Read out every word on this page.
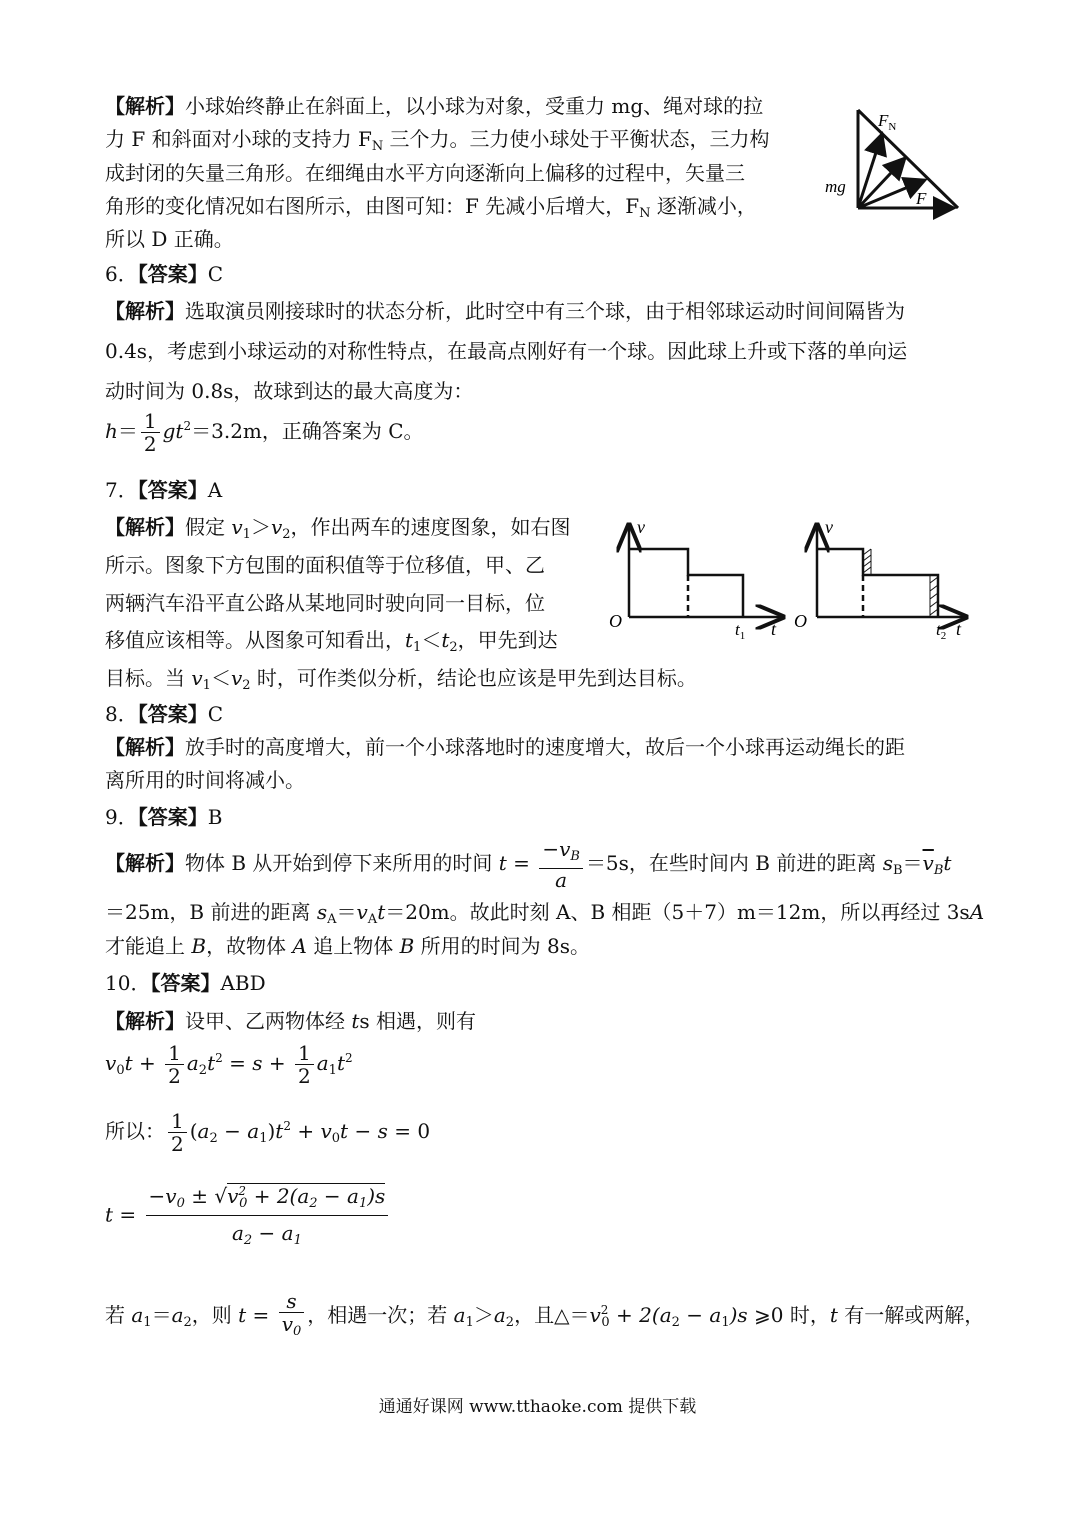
【解析】小球始终静止在斜面上，以小球为对象，受重力 mg、绳对球的拉
力 F 和斜面对小球的支持力 $F_N$ 三个力。三力使小球处于平衡状态，三力构
成封闭的矢量三角形。在细绳由水平方向逐渐向上偏移的过程中，矢量三
角形的变化情况如右图所示，由图可知：F 先减小后增大，$F_N$ 逐渐减小，
所以 D 正确。
$F_N$
mg
F
6．【答案】C
【解析】选取演员刚接球时的状态分析，此时空中有三个球，由于相邻球运动时间间隔皆为
0.4s，考虑到小球运动的对称性特点，在最高点刚好有一个球。因此球上升或下落的单向运
动时间为 0.8s，故球到达的最大高度为：
$h= \frac{1}{2} gt^2=3.2m$，正确答案为 C。
7．【答案】A
【解析】假定 $v_1>v_2$，作出两车的速度图象，如右图
所示。图象下方包围的面积值等于位移值，甲、乙
两辆汽车沿平直公路从某地同时驶向同一目标，位
移值应该相等。从图象可知看出，$t_1<t_2$，甲先到达
目标。当 $v_1<v_2$ 时，可作类似分析，结论也应该是甲先到达目标。
v
O	$t_1$ t
v
O	$t_2$ t
8．【答案】C
【解析】放手时的高度增大，前一个小球落地时的速度增大，故后一个小球再运动绳长的距
离所用的时间将减小。
9．【答案】B
【解析】物体 B 从开始到停下来所用的时间 $t = \frac{-v_B}{a} =5s$，在些时间内 B 前进的距离 $s_B=\overline{v}_Bt$
＝25m，B 前进的距离 $s_A=v_At=20m$。故此时刻 A、B 相距（5＋7）m＝12m，所以再经过 3sA
才能追上 B，故物体 A 追上物体 B 所用的时间为 8s。
10．【答案】ABD
【解析】设甲、乙两物体经 ts 相遇，则有
$v_0t + \frac{1}{2} a_2t^2 = s + \frac{1}{2} a_1t^2$
所以： $\frac{1}{2} (a_2 - a_1)t^2 + v_0t - s = 0$
$t = \frac{-v_0 \pm √v^2_0 + 2(a_2 - a_1)s}{a_2 - a_1}$
若 $a_1=a_2$，则 $t = \frac{s}{v_0}$ ，相遇一次；若 $a_1>a_2$，且$\triangle=v^2_0 + 2(a_2 - a_1)s$ ⩾0 时，t 有一解或两解，
通通好课网 www.tthaoke.com 提供下载
